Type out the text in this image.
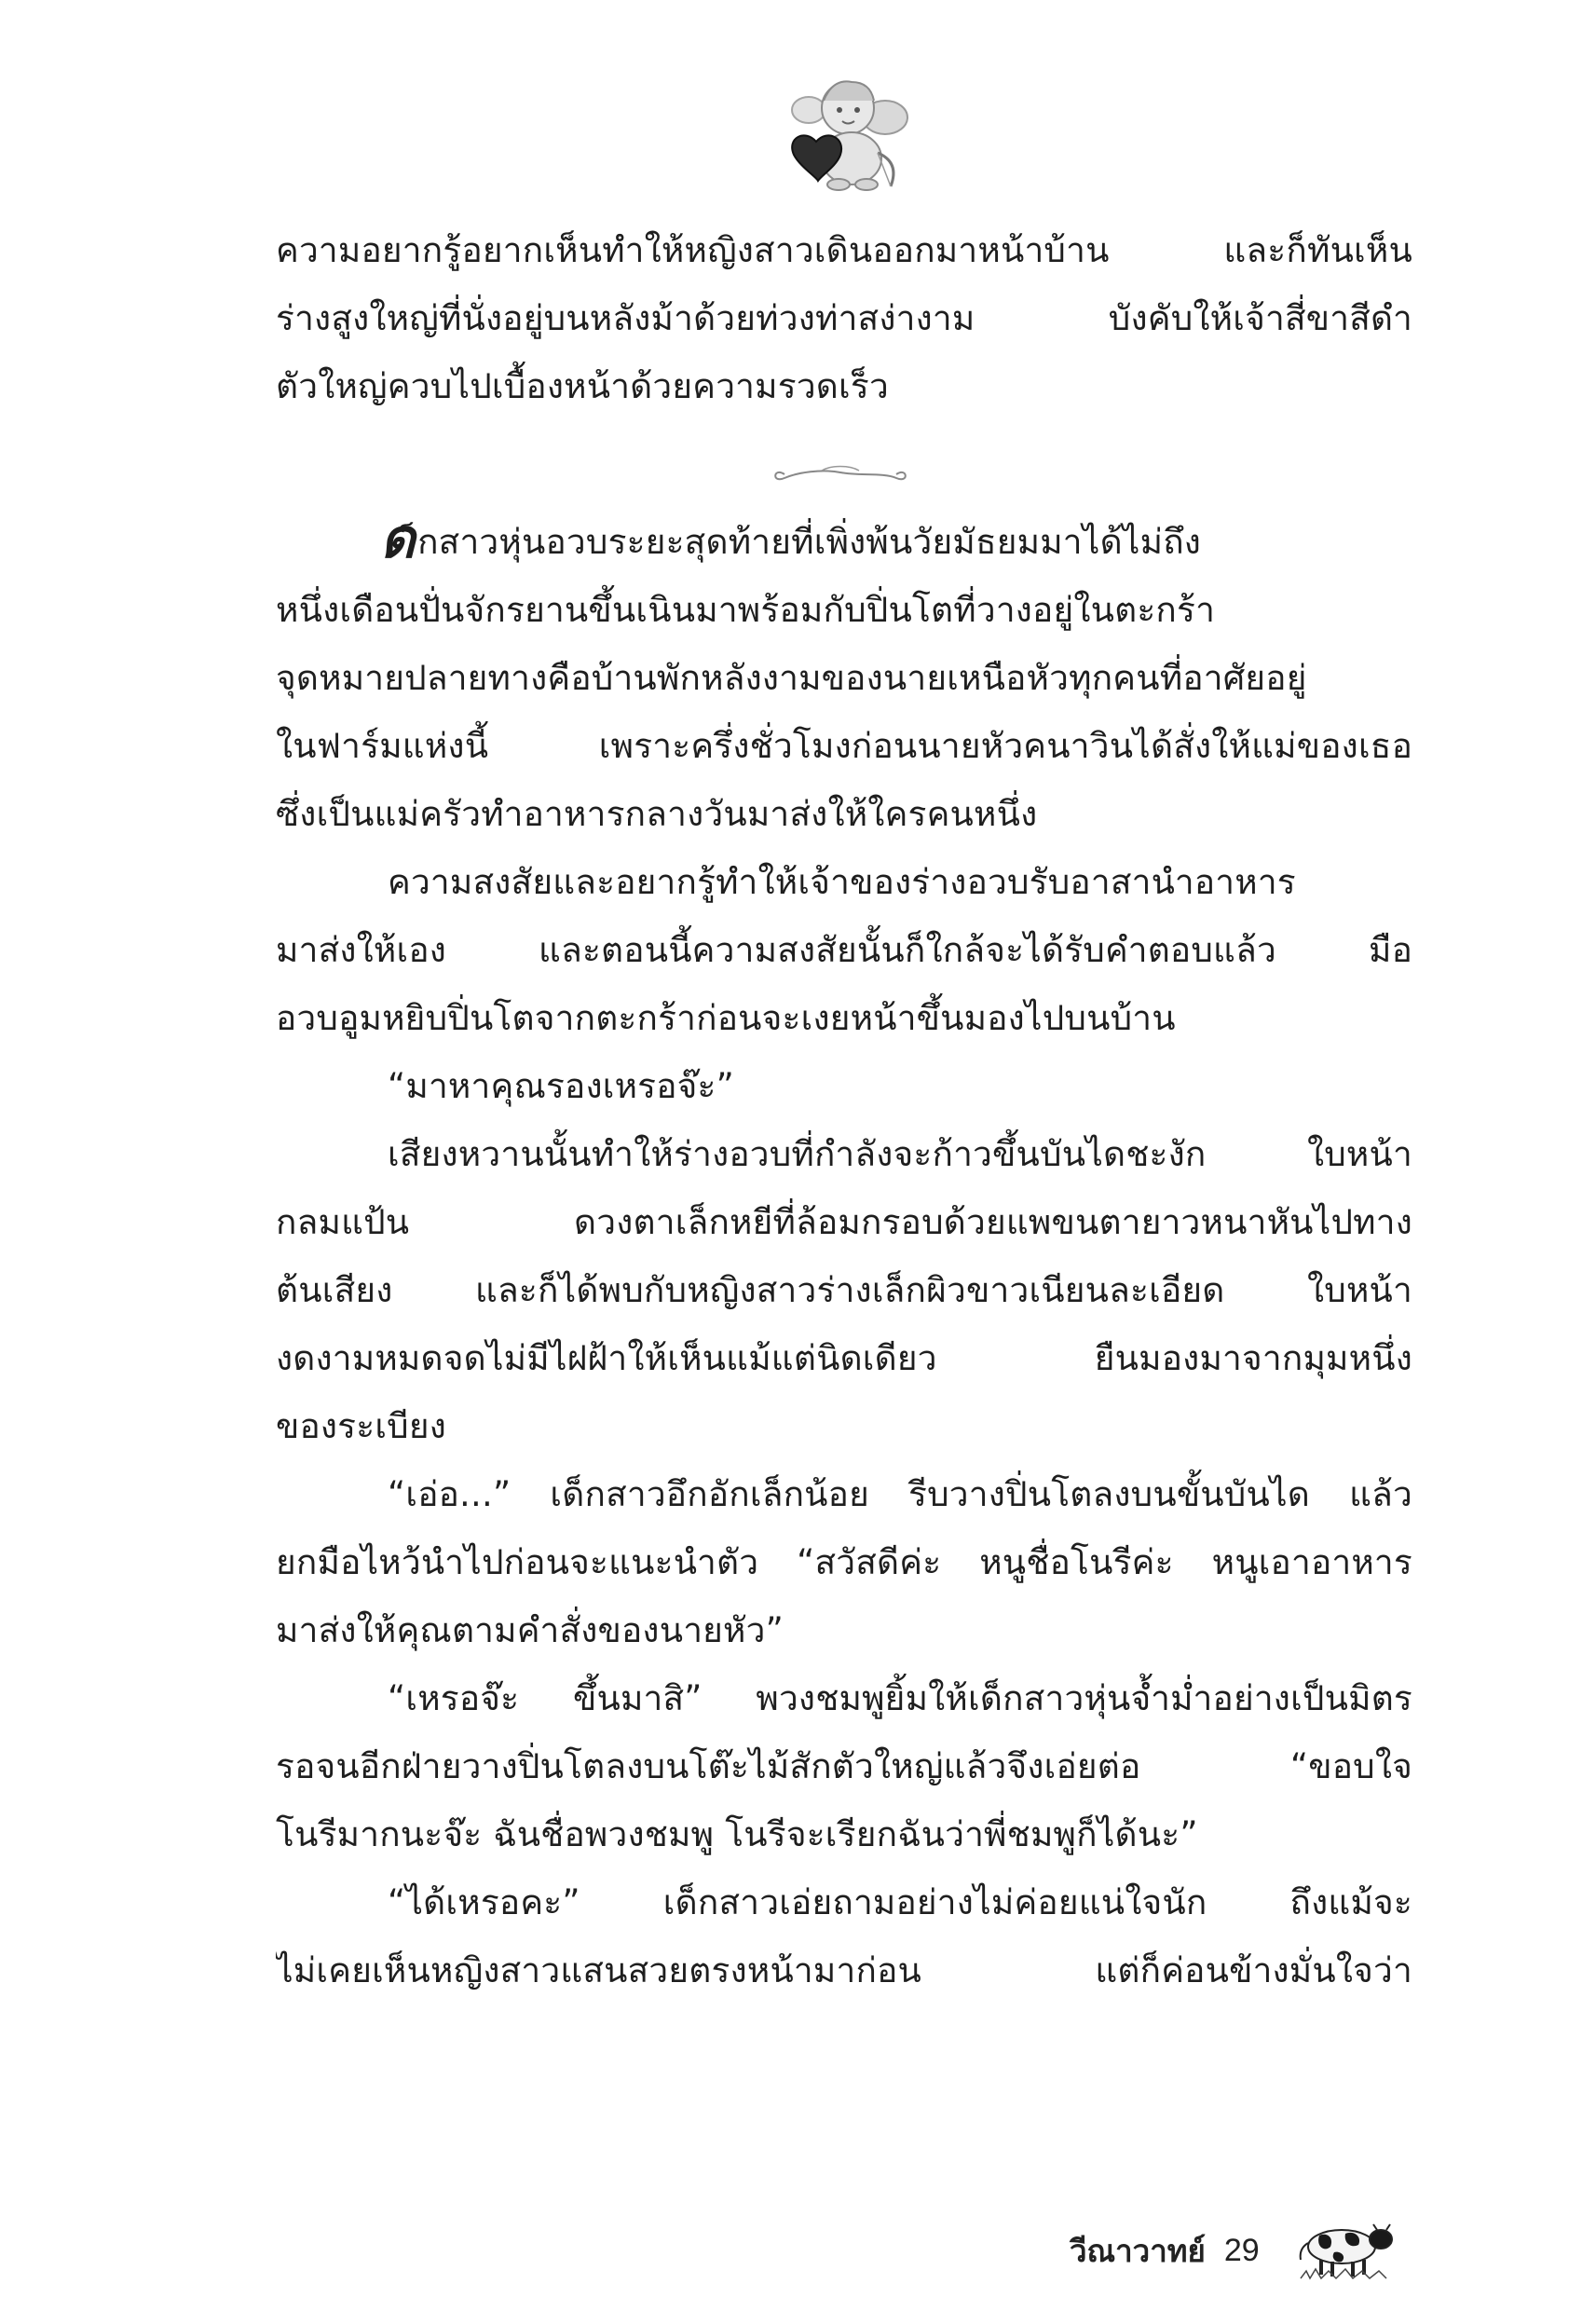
ความอยากรู้อยากเห็นทำให้หญิงสาวเดินออกมาหน้าบ้าน และก็ทันเห็น
ร่างสูงใหญ่ที่นั่งอยู่บนหลังม้าด้วยท่วงท่าสง่างาม บังคับให้เจ้าสี่ขาสีดำ
ตัวใหญ่ควบไปเบื้องหน้าด้วยความรวดเร็ว
ด็กสาวหุ่นอวบระยะสุดท้ายที่เพิ่งพ้นวัยมัธยมมาได้ไม่ถึง
หนึ่งเดือนปั่นจักรยานขึ้นเนินมาพร้อมกับปิ่นโตที่วางอยู่ในตะกร้า
จุดหมายปลายทางคือบ้านพักหลังงามของนายเหนือหัวทุกคนที่อาศัยอยู่
ในฟาร์มแห่งนี้ เพราะครึ่งชั่วโมงก่อนนายหัวคนาวินได้สั่งให้แม่ของเธอ
ซึ่งเป็นแม่ครัวทำอาหารกลางวันมาส่งให้ใครคนหนึ่ง
ความสงสัยและอยากรู้ทำให้เจ้าของร่างอวบรับอาสานำอาหาร
มาส่งให้เอง และตอนนี้ความสงสัยนั้นก็ใกล้จะได้รับคำตอบแล้ว มือ
อวบอูมหยิบปิ่นโตจากตะกร้าก่อนจะเงยหน้าขึ้นมองไปบนบ้าน
“มาหาคุณรองเหรอจ๊ะ”
เสียงหวานนั้นทำให้ร่างอวบที่กำลังจะก้าวขึ้นบันไดชะงัก ใบหน้า
กลมแป้น ดวงตาเล็กหยีที่ล้อมกรอบด้วยแพขนตายาวหนาหันไปทาง
ต้นเสียง และก็ได้พบกับหญิงสาวร่างเล็กผิวขาวเนียนละเอียด ใบหน้า
งดงามหมดจดไม่มีไฝฝ้าให้เห็นแม้แต่นิดเดียว ยืนมองมาจากมุมหนึ่ง
ของระเบียง
“เอ่อ...” เด็กสาวอึกอักเล็กน้อย รีบวางปิ่นโตลงบนขั้นบันได แล้ว
ยกมือไหว้นำไปก่อนจะแนะนำตัว “สวัสดีค่ะ หนูชื่อโนรีค่ะ หนูเอาอาหาร
มาส่งให้คุณตามคำสั่งของนายหัว”
“เหรอจ๊ะ ขึ้นมาสิ” พวงชมพูยิ้มให้เด็กสาวหุ่นจ้ำม่ำอย่างเป็นมิตร
รอจนอีกฝ่ายวางปิ่นโตลงบนโต๊ะไม้สักตัวใหญ่แล้วจึงเอ่ยต่อ “ขอบใจ
โนรีมากนะจ๊ะ ฉันชื่อพวงชมพู โนรีจะเรียกฉันว่าพี่ชมพูก็ได้นะ”
“ได้เหรอคะ” เด็กสาวเอ่ยถามอย่างไม่ค่อยแน่ใจนัก ถึงแม้จะ
ไม่เคยเห็นหญิงสาวแสนสวยตรงหน้ามาก่อน แต่ก็ค่อนข้างมั่นใจว่า
วีณาวาทย์ 29
